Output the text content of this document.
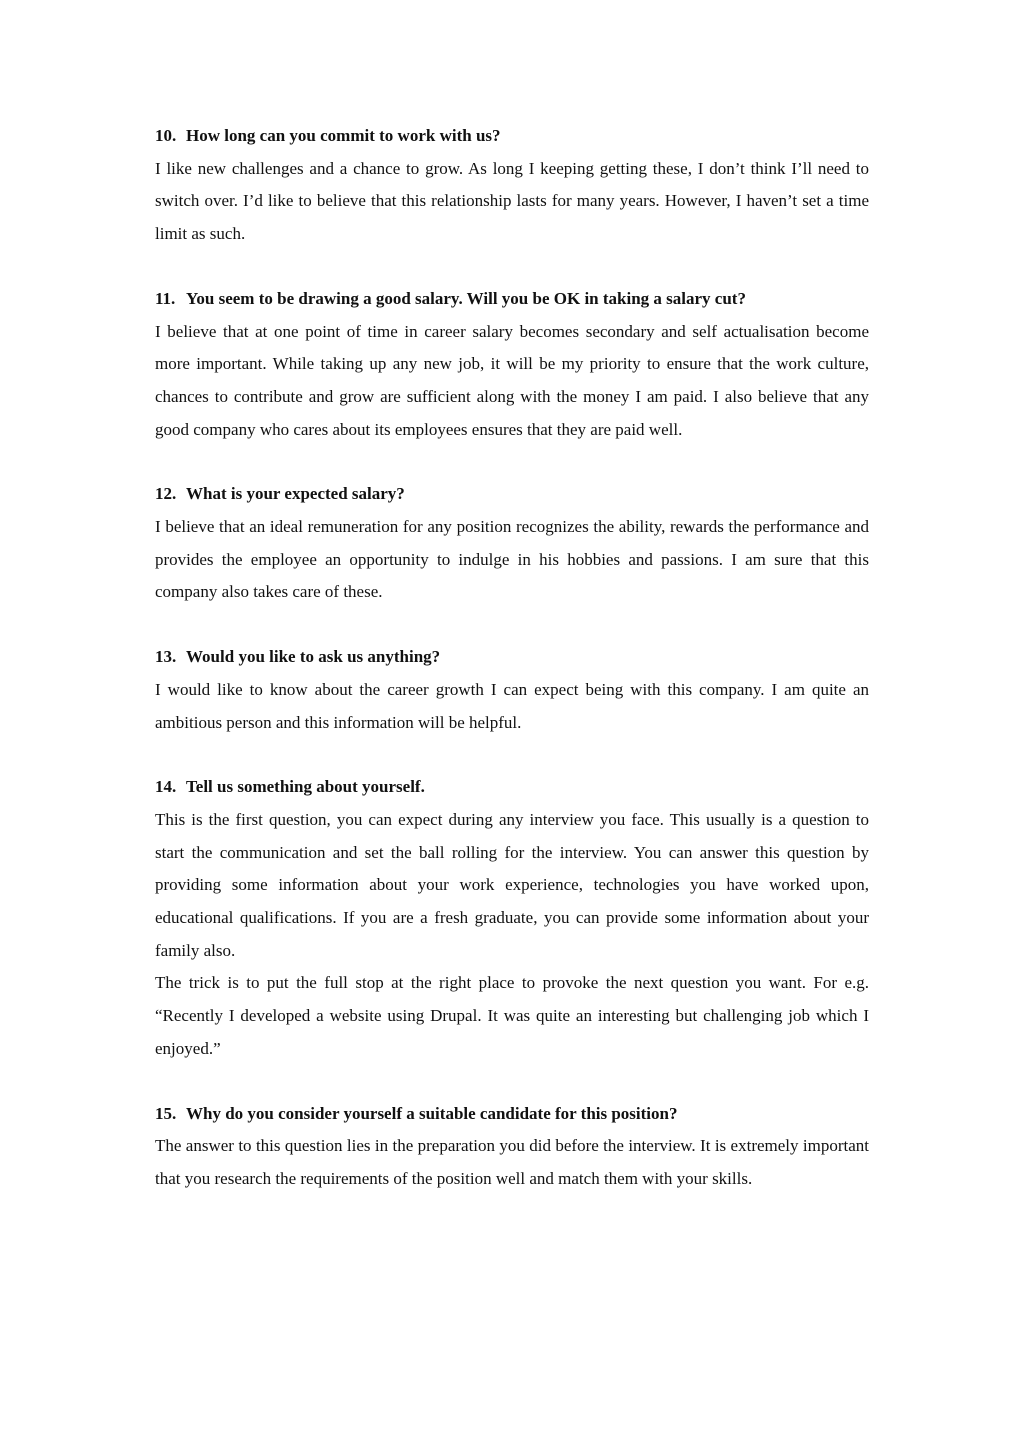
10. How long can you commit to work with us?

I like new challenges and a chance to grow. As long I keeping getting these, I don’t think I’ll need to switch over. I’d like to believe that this relationship lasts for many years. However, I haven’t set a time limit as such.

11. You seem to be drawing a good salary. Will you be OK in taking a salary cut?

I believe that at one point of time in career salary becomes secondary and self actualisation become more important. While taking up any new job, it will be my priority to ensure that the work culture, chances to contribute and grow are sufficient along with the money I am paid. I also believe that any good company who cares about its employees ensures that they are paid well.

12. What is your expected salary?

I believe that an ideal remuneration for any position recognizes the ability, rewards the performance and provides the employee an opportunity to indulge in his hobbies and passions. I am sure that this company also takes care of these.

13. Would you like to ask us anything?

I would like to know about the career growth I can expect being with this company. I am quite an ambitious person and this information will be helpful.

14. Tell us something about yourself.

This is the first question, you can expect during any interview you face. This usually is a question to start the communication and set the ball rolling for the interview. You can answer this question by providing some information about your work experience, technologies you have worked upon, educational qualifications. If you are a fresh graduate, you can provide some information about your family also.

The trick is to put the full stop at the right place to provoke the next question you want. For e.g. “Recently I developed a website using Drupal. It was quite an interesting but challenging job which I enjoyed.”

15. Why do you consider yourself a suitable candidate for this position?

The answer to this question lies in the preparation you did before the interview. It is extremely important that you research the requirements of the position well and match them with your skills.
